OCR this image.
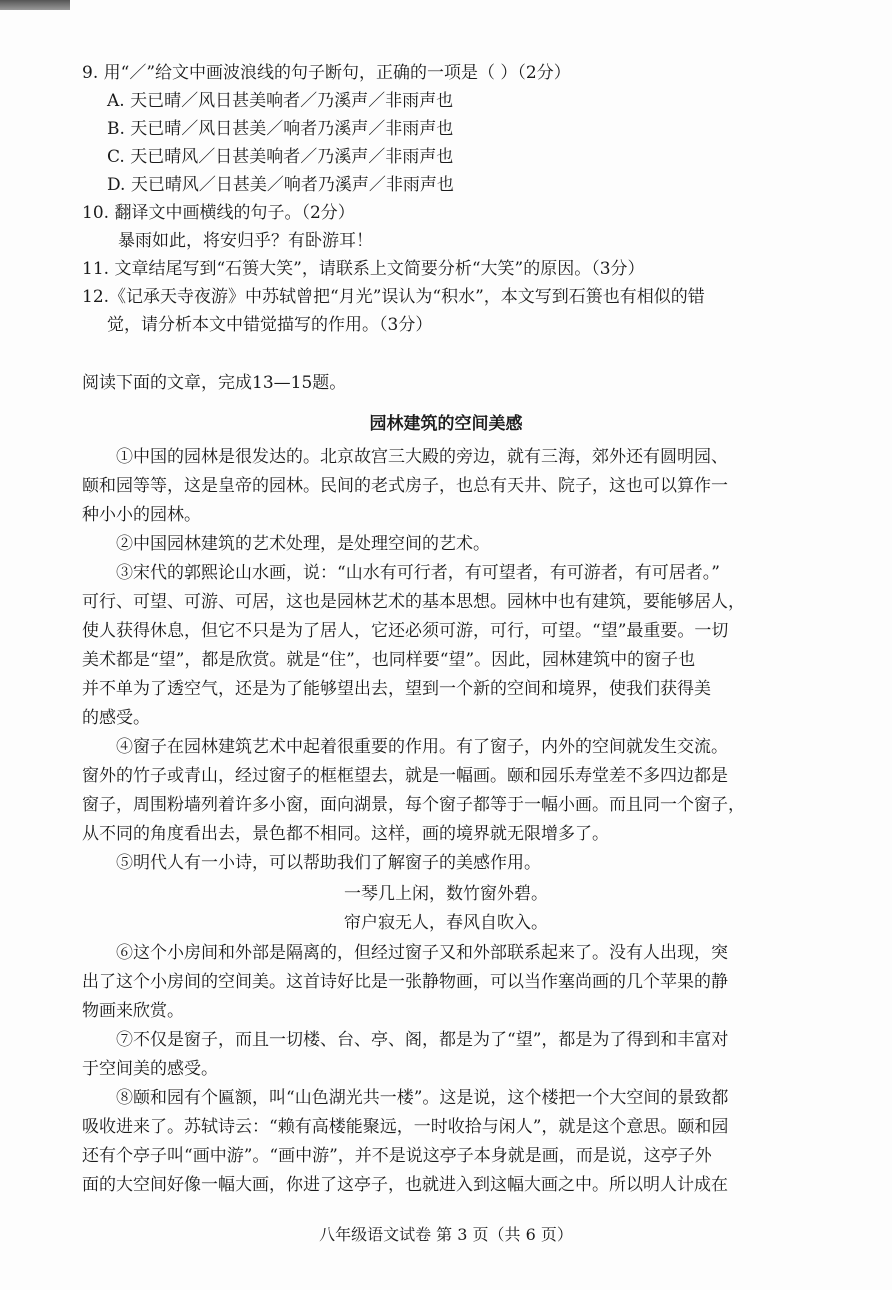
9. 用“／”给文中画波浪线的句子断句，正确的一项是（ ）（2分）
A. 天已晴／风日甚美响者／乃溪声／非雨声也
B. 天已晴／风日甚美／响者乃溪声／非雨声也
C. 天已晴风／日甚美响者／乃溪声／非雨声也
D. 天已晴风／日甚美／响者乃溪声／非雨声也
10. 翻译文中画横线的句子。（2分）
暴雨如此，将安归乎？有卧游耳！
11. 文章结尾写到“石篑大笑”，请联系上文简要分析“大笑”的原因。（3分）
12.《记承天寺夜游》中苏轼曾把“月光”误认为“积水”，本文写到石篑也有相似的错
觉，请分析本文中错觉描写的作用。（3分）
阅读下面的文章，完成13—15题。
园林建筑的空间美感
①中国的园林是很发达的。北京故宫三大殿的旁边，就有三海，郊外还有圆明园、
颐和园等等，这是皇帝的园林。民间的老式房子，也总有天井、院子，这也可以算作一
种小小的园林。
②中国园林建筑的艺术处理，是处理空间的艺术。
③宋代的郭熙论山水画，说：“山水有可行者，有可望者，有可游者，有可居者。”
可行、可望、可游、可居，这也是园林艺术的基本思想。园林中也有建筑，要能够居人，
使人获得休息，但它不只是为了居人，它还必须可游，可行，可望。“望”最重要。一切
美术都是“望”，都是欣赏。就是“住”，也同样要“望”。因此，园林建筑中的窗子也
并不单为了透空气，还是为了能够望出去，望到一个新的空间和境界，使我们获得美
的感受。
④窗子在园林建筑艺术中起着很重要的作用。有了窗子，内外的空间就发生交流。
窗外的竹子或青山，经过窗子的框框望去，就是一幅画。颐和园乐寿堂差不多四边都是
窗子，周围粉墙列着许多小窗，面向湖景，每个窗子都等于一幅小画。而且同一个窗子，
从不同的角度看出去，景色都不相同。这样，画的境界就无限增多了。
⑤明代人有一小诗，可以帮助我们了解窗子的美感作用。
一琴几上闲，数竹窗外碧。
帘户寂无人，春风自吹入。
⑥这个小房间和外部是隔离的，但经过窗子又和外部联系起来了。没有人出现，突
出了这个小房间的空间美。这首诗好比是一张静物画，可以当作塞尚画的几个苹果的静
物画来欣赏。
⑦不仅是窗子，而且一切楼、台、亭、阁，都是为了“望”，都是为了得到和丰富对
于空间美的感受。
⑧颐和园有个匾额，叫“山色湖光共一楼”。这是说，这个楼把一个大空间的景致都
吸收进来了。苏轼诗云：“赖有高楼能聚远，一时收拾与闲人”，就是这个意思。颐和园
还有个亭子叫“画中游”。“画中游”，并不是说这亭子本身就是画，而是说，这亭子外
面的大空间好像一幅大画，你进了这亭子，也就进入到这幅大画之中。所以明人计成在
八年级语文试卷 第 3 页（共 6 页）
